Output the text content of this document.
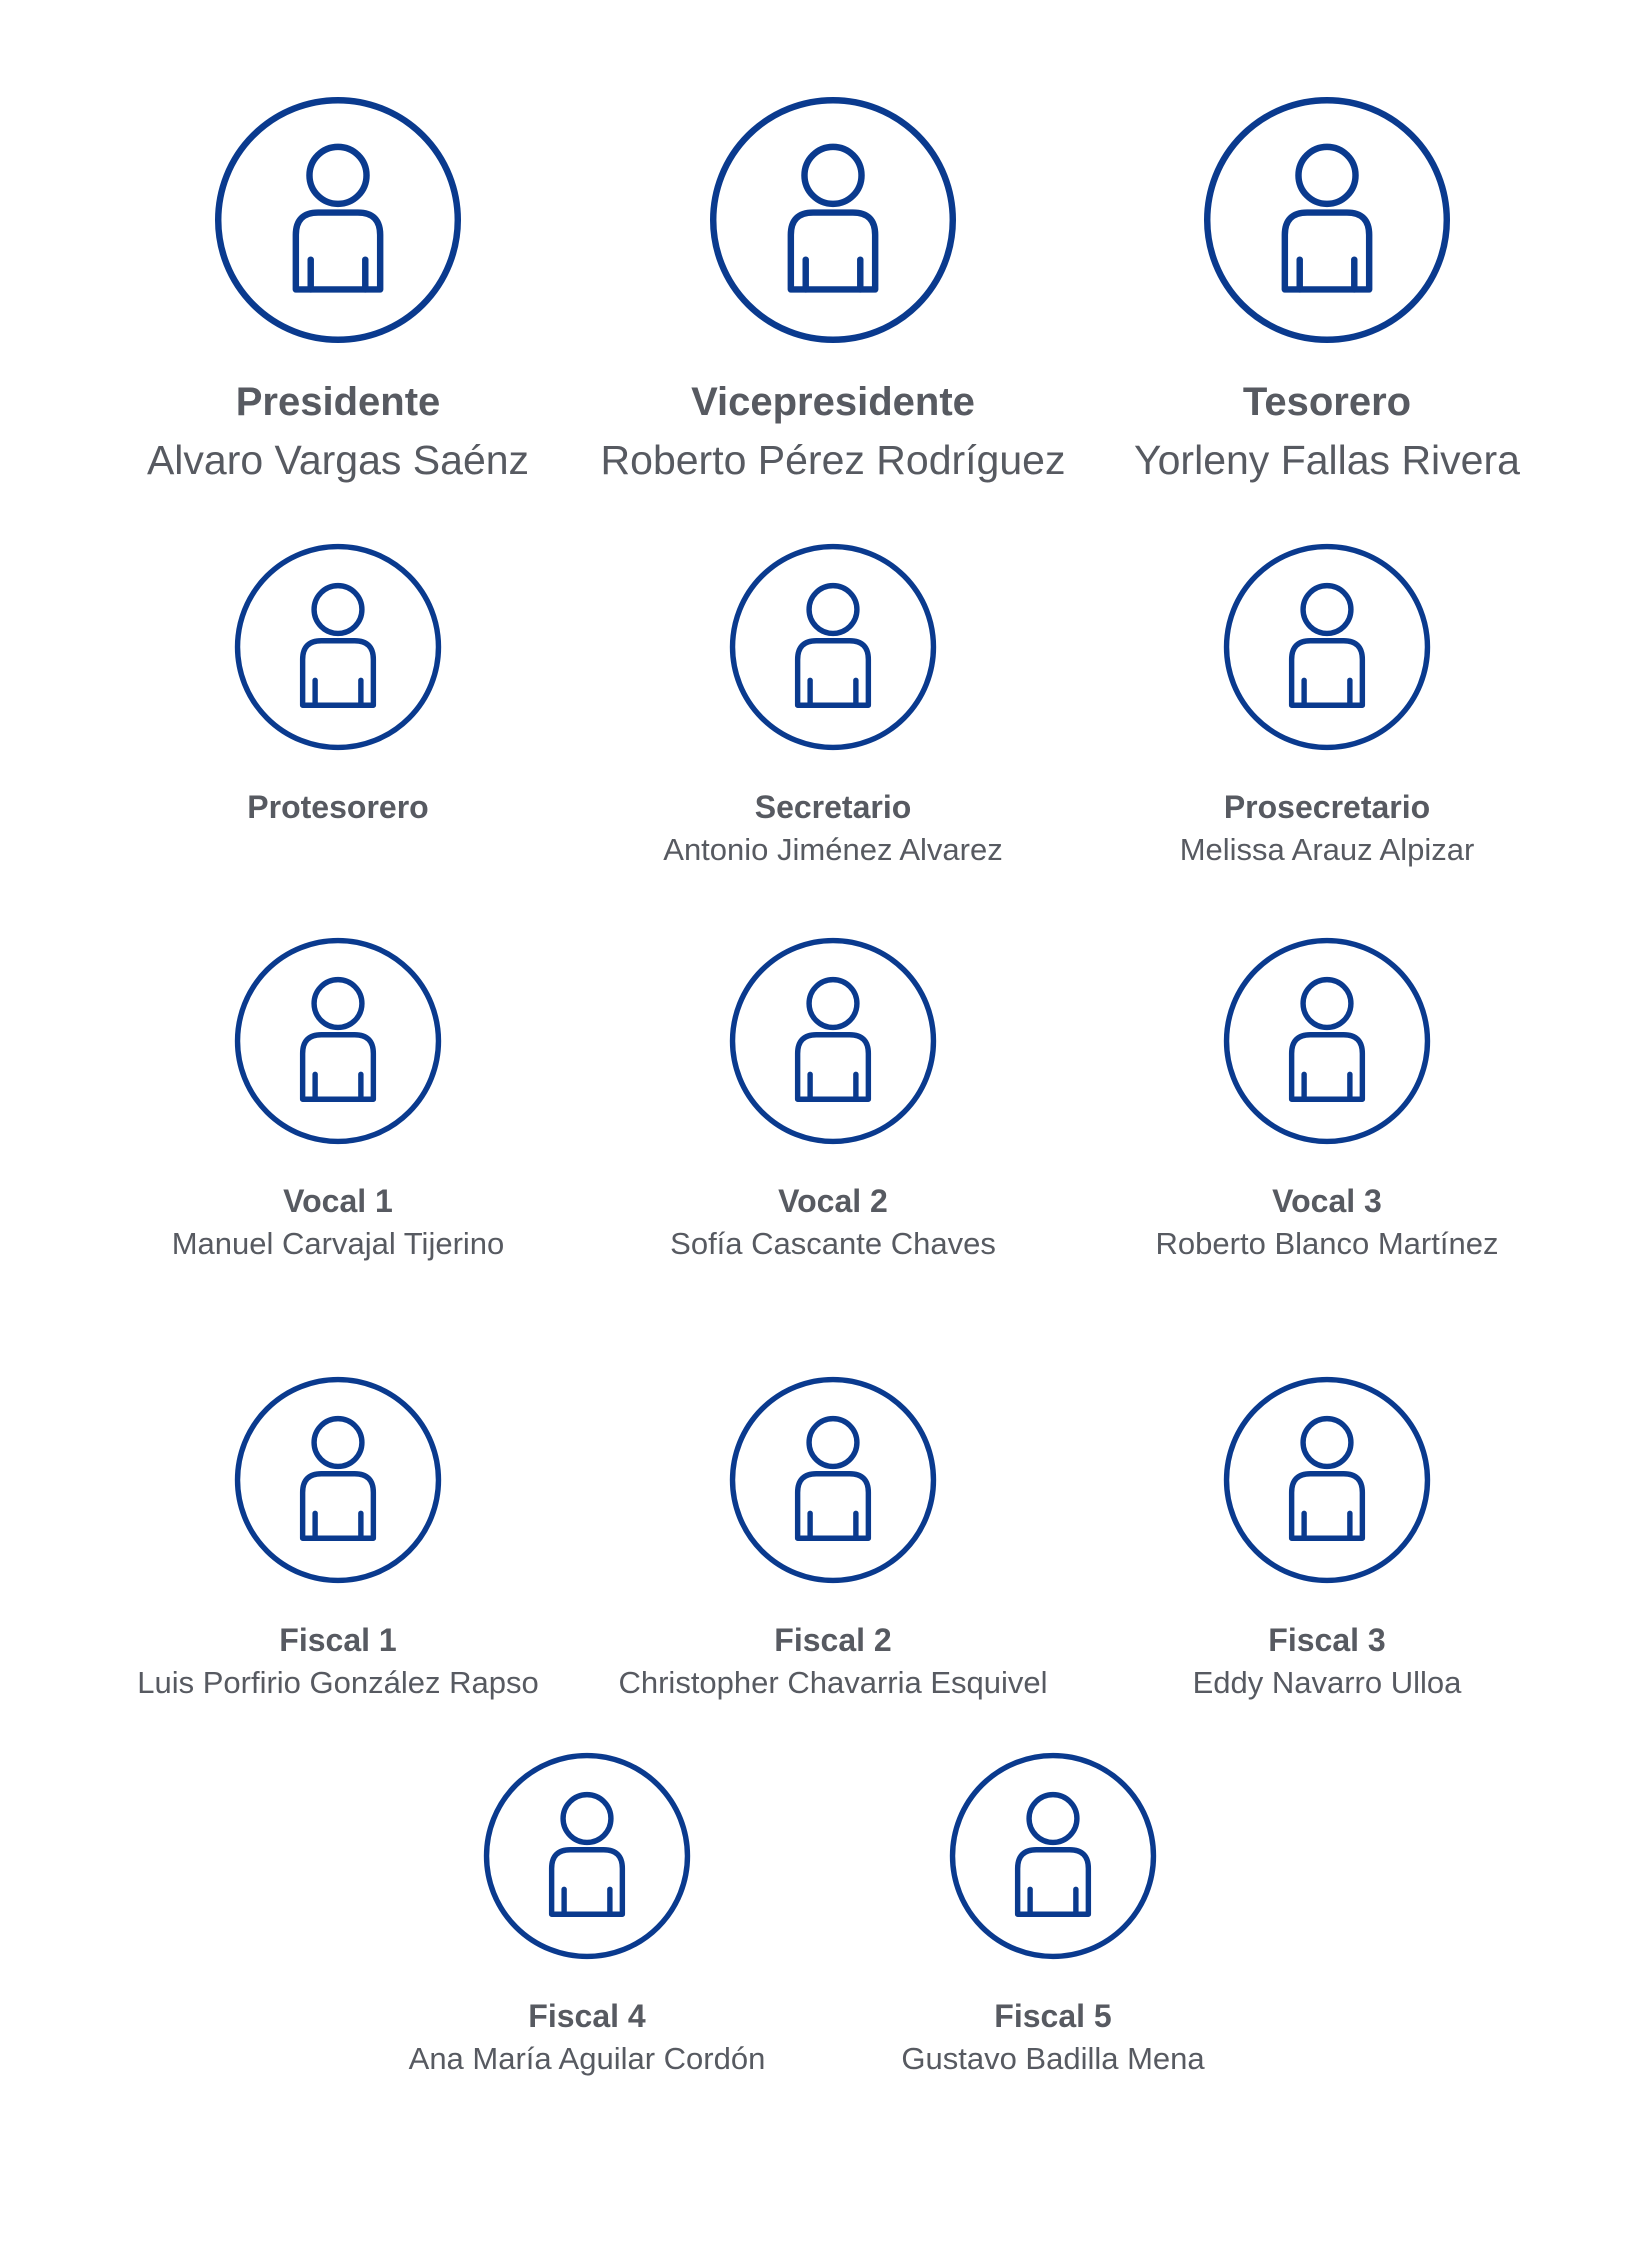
Presidente
Alvaro Vargas Saénz
Vicepresidente
Roberto Pérez Rodríguez
Tesorero
Yorleny Fallas Rivera
Protesorero	Secretario
Antonio Jiménez Alvarez
Prosecretario
Melissa Arauz Alpizar
Vocal 1
Manuel Carvajal Tijerino
Vocal 2
Sofía Cascante Chaves
Vocal 3
Roberto Blanco Martínez
Fiscal 1
Luis Porfirio González Rapso
Fiscal 2
Christopher Chavarria Esquivel
Fiscal 3
Eddy Navarro Ulloa
Fiscal 4
Ana María Aguilar Cordón
Fiscal 5
Gustavo Badilla Mena
